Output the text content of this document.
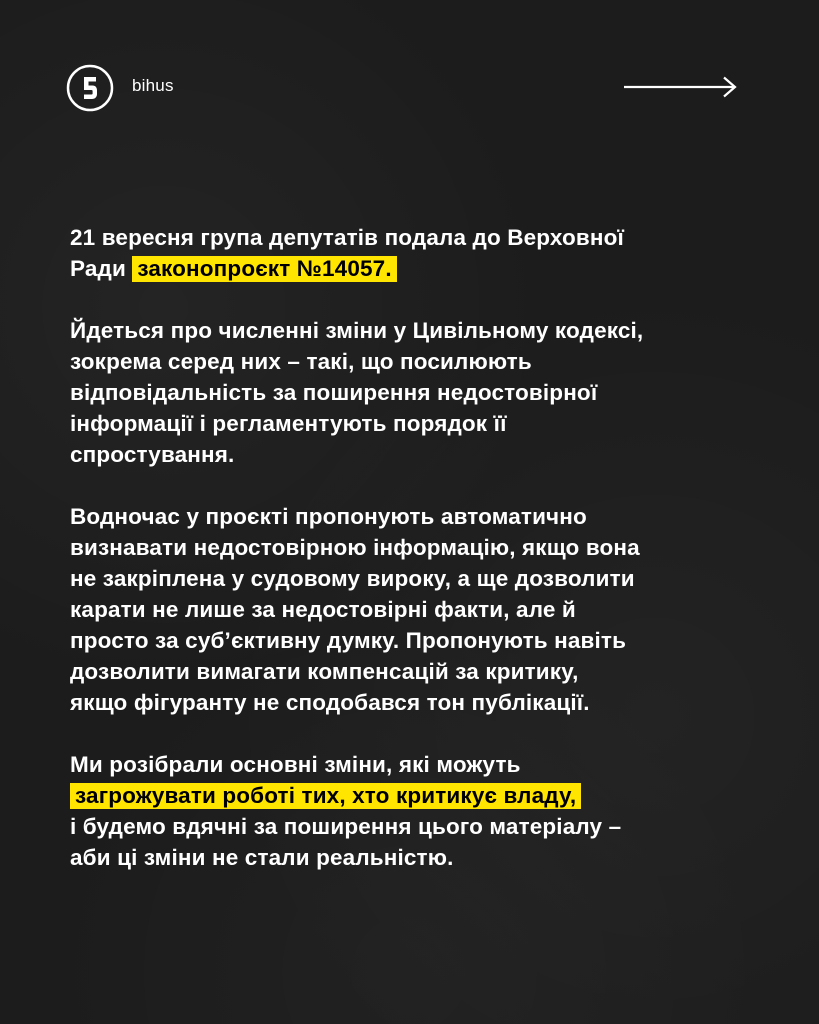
bihus

21 вересня група депутатів подала до Верховної
Ради законопроєкт №14057.

Йдеться про численні зміни у Цивільному кодексі,
зокрема серед них – такі, що посилюють
відповідальність за поширення недостовірної
інформації і регламентують порядок її
спростування.

Водночас у проєкті пропонують автоматично
визнавати недостовірною інформацію, якщо вона
не закріплена у судовому вироку, а ще дозволити
карати не лише за недостовірні факти, але й
просто за суб’єктивну думку. Пропонують навіть
дозволити вимагати компенсацій за критику,
якщо фігуранту не сподобався тон публікації.

Ми розібрали основні зміни, які можуть
загрожувати роботі тих, хто критикує владу,
і будемо вдячні за поширення цього матеріалу –
аби ці зміни не стали реальністю.
